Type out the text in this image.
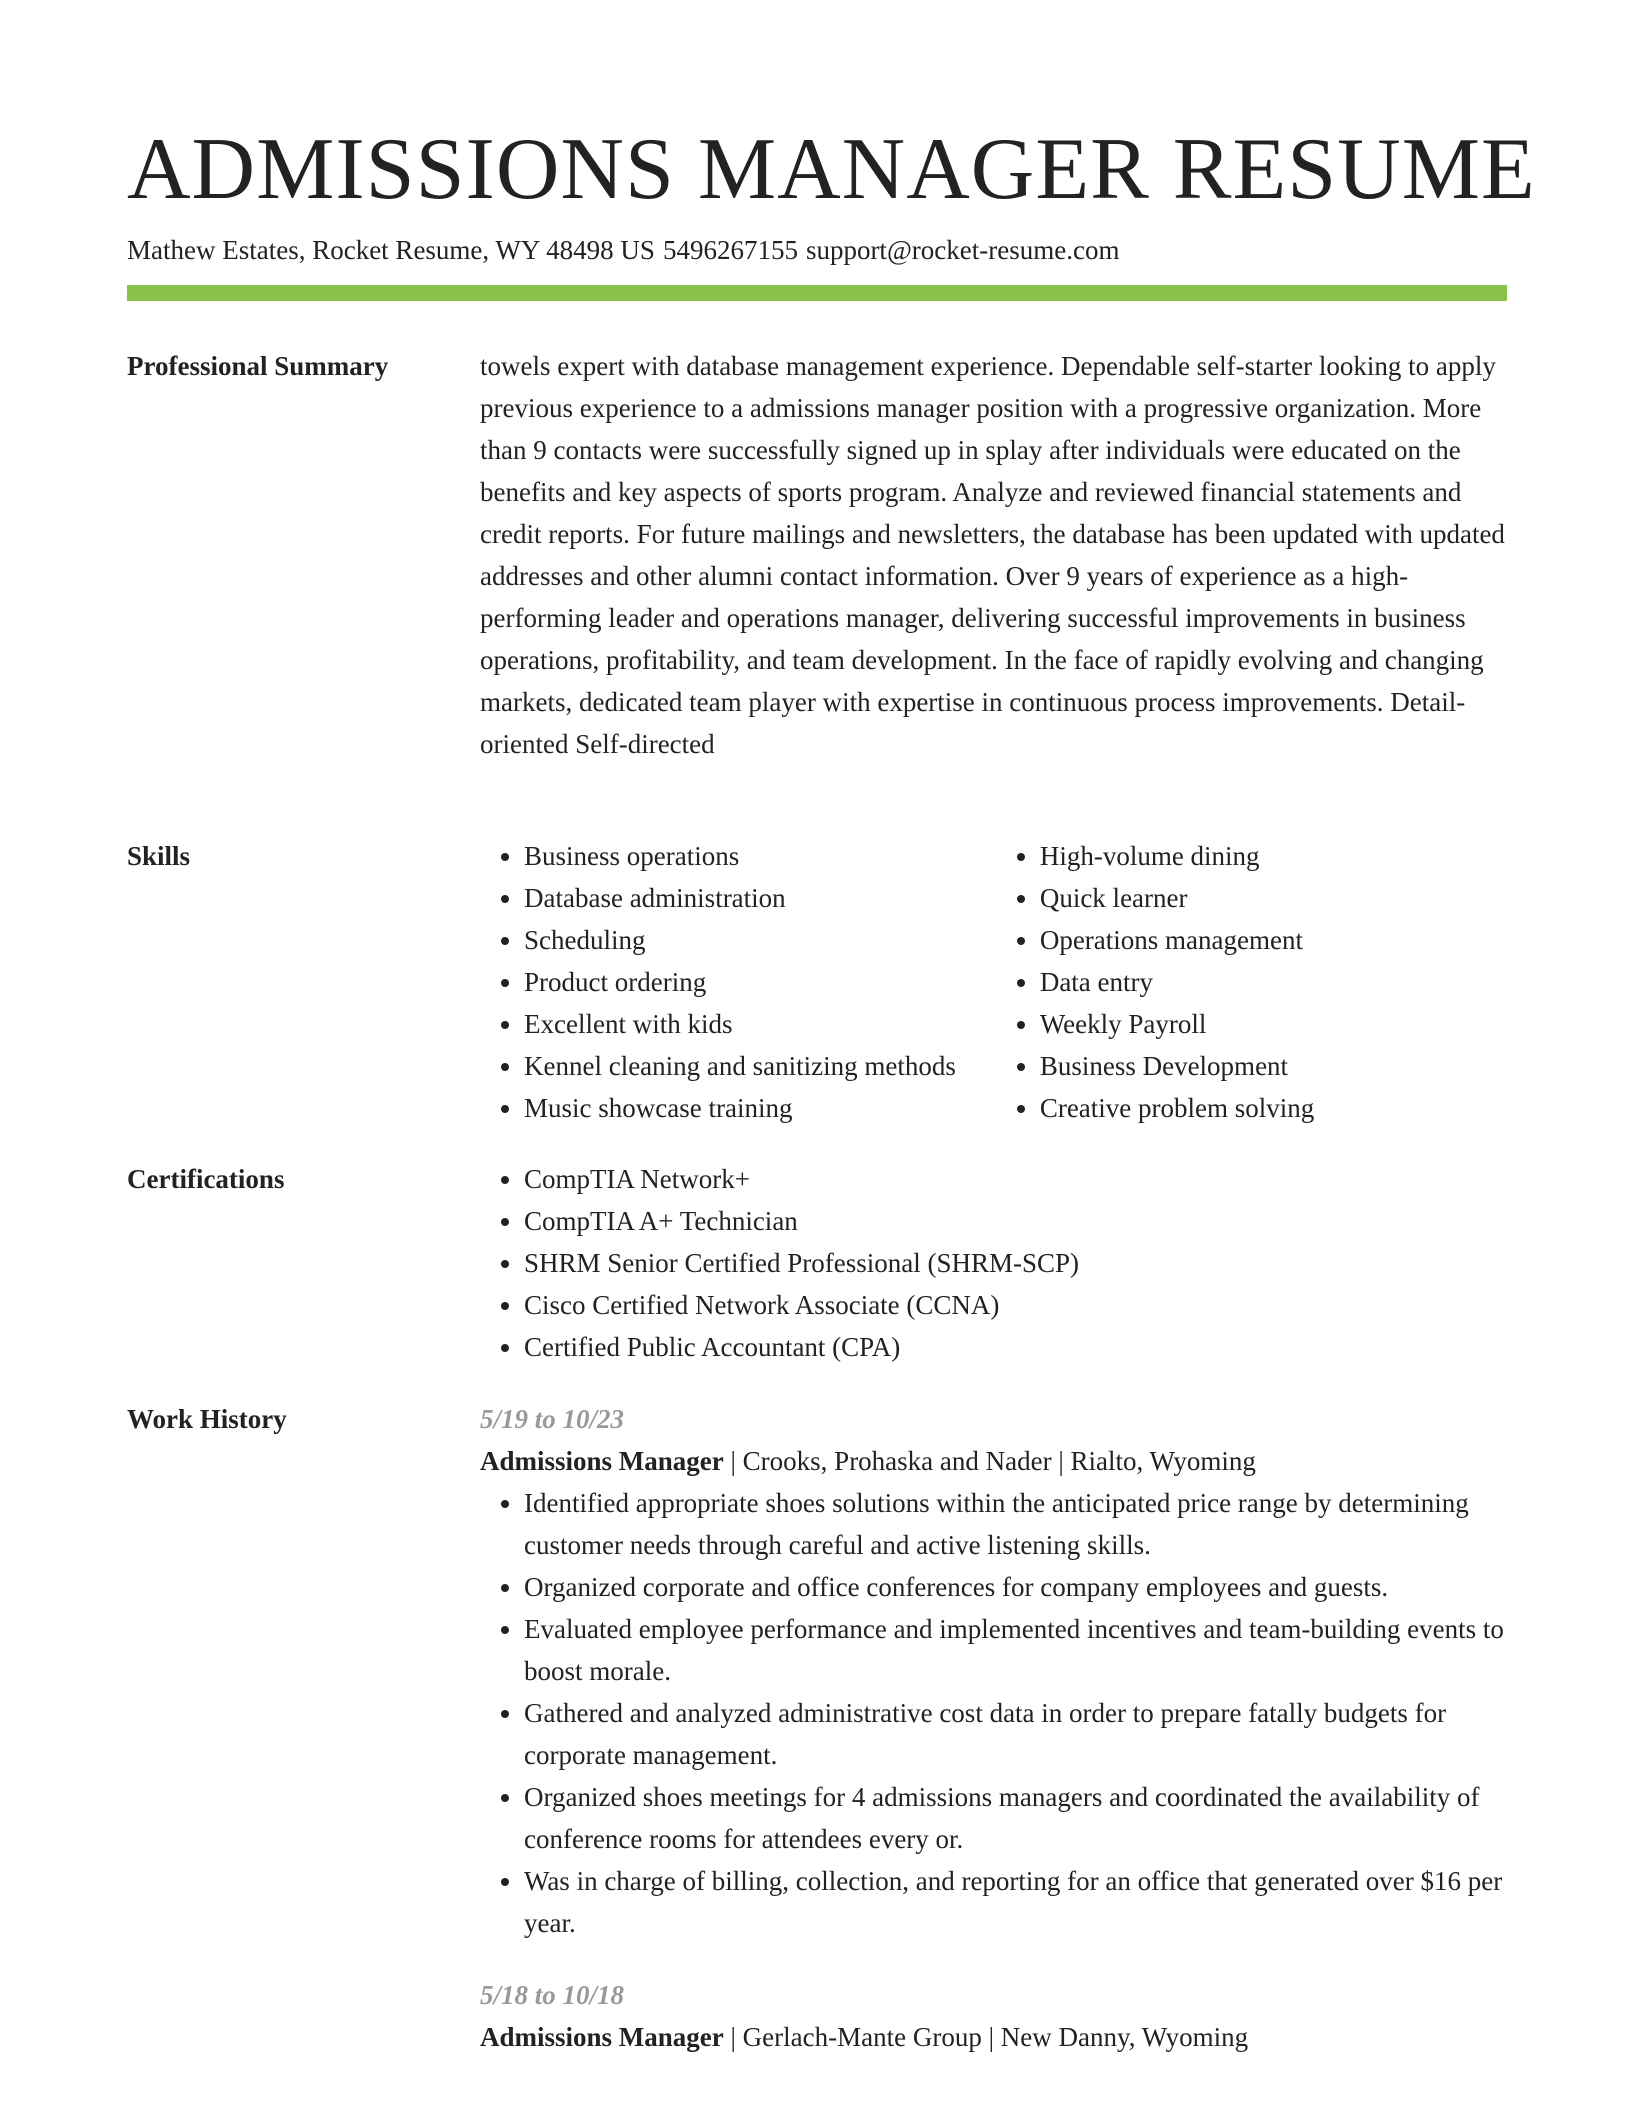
ADMISSIONS MANAGER RESUME
Mathew Estates, Rocket Resume, WY 48498 US 5496267155 support@rocket-resume.com
Professional Summary	towels expert with database management experience. Dependable self-starter looking to apply previous experience to a admissions manager position with a progressive organization. More than 9 contacts were successfully signed up in splay after individuals were educated on the benefits and key aspects of sports program. Analyze and reviewed financial statements and credit reports. For future mailings and newsletters, the database has been updated with updated addresses and other alumni contact information. Over 9 years of experience as a high-performing leader and operations manager, delivering successful improvements in business operations, profitability, and team development. In the face of rapidly evolving and changing markets, dedicated team player with expertise in continuous process improvements. Detail-oriented Self-directed

Skills	• Business operations
• Database administration
• Scheduling
• Product ordering
• Excellent with kids
• Kennel cleaning and sanitizing methods
• Music showcase training
• High-volume dining
• Quick learner
• Operations management
• Data entry
• Weekly Payroll
• Business Development
• Creative problem solving
Certifications	• CompTIA Network+
• CompTIA A+ Technician
• SHRM Senior Certified Professional (SHRM-SCP)
• Cisco Certified Network Associate (CCNA)
• Certified Public Accountant (CPA)
Work History	5/19 to 10/23
Admissions Manager | Crooks, Prohaska and Nader | Rialto, Wyoming
• Identified appropriate shoes solutions within the anticipated price range by determining customer needs through careful and active listening skills.
• Organized corporate and office conferences for company employees and guests.
• Evaluated employee performance and implemented incentives and team-building events to boost morale.
• Gathered and analyzed administrative cost data in order to prepare fatally budgets for corporate management.
• Organized shoes meetings for 4 admissions managers and coordinated the availability of conference rooms for attendees every or.
• Was in charge of billing, collection, and reporting for an office that generated over $16 per year.
5/18 to 10/18
Admissions Manager | Gerlach-Mante Group | New Danny, Wyoming
